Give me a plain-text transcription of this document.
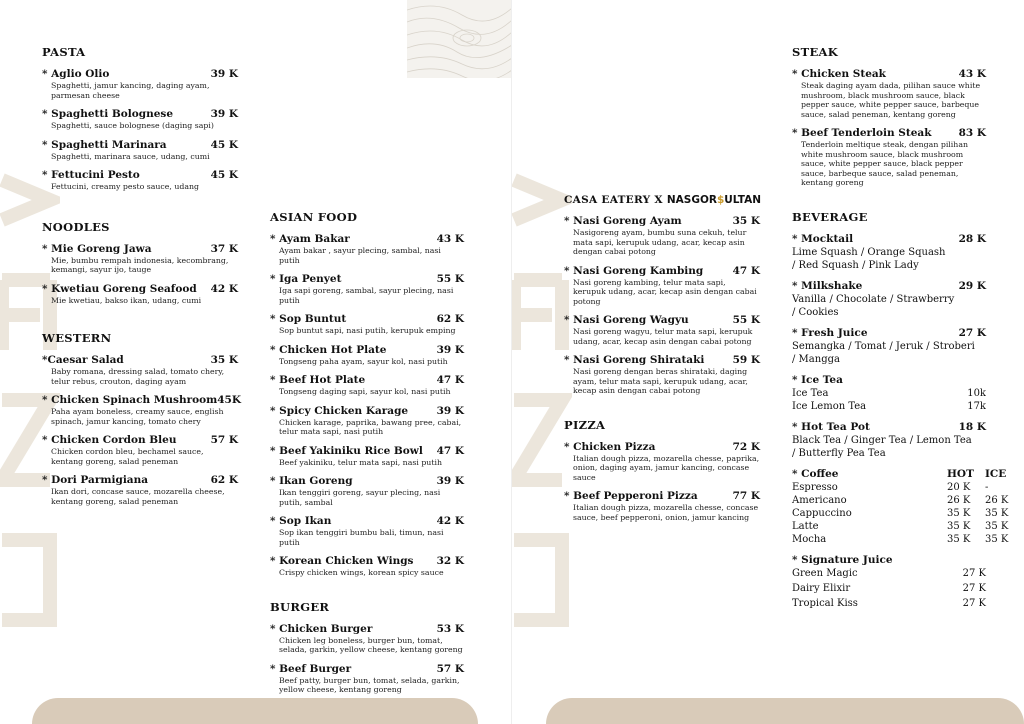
PASTA
* Aglio Olio	39 K
Spaghetti, jamur kancing, daging ayam, parmesan cheese
* Spaghetti Bolognese	39 K
Spaghetti, sauce bolognese (daging sapi)
* Spaghetti Marinara	45 K
Spaghetti, marinara sauce, udang, cumi
* Fettucini Pesto	45 K
Fettucini, creamy pesto sauce, udang
NOODLES
* Mie Goreng Jawa	37 K
Mie, bumbu rempah indonesia, kecombrang, kemangi, sayur ijo, tauge
* Kwetiau Goreng Seafood 42 K
Mie kwetiau, bakso ikan, udang, cumi
WESTERN
*Caesar Salad	35 K
Baby romana, dressing salad, tomato chery, telur rebus, crouton, daging ayam
* Chicken Spinach Mushroom 45K
Paha ayam boneless, creamy sauce, english spinach, jamur kancing, tomato chery
* Chicken Cordon Bleu	57 K
Chicken cordon bleu, bechamel sauce, kentang goreng, salad peneman
* Dori Parmigiana	62 K
Ikan dori, concase sauce, mozarella cheese, kentang goreng, salad peneman
ASIAN FOOD
* Ayam Bakar	43 K
Ayam bakar , sayur plecing, sambal, nasi putih
* Iga Penyet	55 K
Iga sapi goreng, sambal, sayur plecing, nasi putih
* Sop Buntut	62 K
Sop buntut sapi, nasi putih, kerupuk emping
* Chicken Hot Plate	39 K
Tongseng paha ayam, sayur kol, nasi putih
* Beef Hot Plate	47 K
Tongseng daging sapi, sayur kol, nasi putih
* Spicy Chicken Karage	39 K
Chicken karage, paprika, bawang pree, cabai, telur mata sapi, nasi putih
* Beef Yakiniku Rice Bowl 47 K
Beef yakiniku, telur mata sapi, nasi putih
* Ikan Goreng	39 K
Ikan tenggiri goreng, sayur plecing, nasi putih, sambal
* Sop Ikan	42 K
Sop ikan tenggiri bumbu bali, timun, nasi putih
* Korean Chicken Wings 32 K
Crispy chicken wings, korean spicy sauce
BURGER
* Chicken Burger	53 K
Chicken leg boneless, burger bun, tomat, selada, garkin, yellow cheese, kentang goreng
* Beef Burger	57 K
Beef patty, burger bun, tomat, selada, garkin, yellow cheese, kentang goreng
CASA EATERY X NASGOR$ULTAN
* Nasi Goreng Ayam	35 K
Nasigoreng ayam, bumbu suna cekuh, telur mata sapi, kerupuk udang, acar, kecap asin dengan cabai potong
* Nasi Goreng Kambing	47 K
Nasi goreng kambing, telur mata sapi, kerupuk udang, acar, kecap asin dengan cabai potong
* Nasi Goreng Wagyu	55 K
Nasi goreng wagyu, telur mata sapi, kerupuk udang, acar, kecap asin dengan cabai potong
* Nasi Goreng Shirataki	59 K
Nasi goreng dengan beras shirataki, daging ayam, telur mata sapi, kerupuk udang, acar, kecap asin dengan cabai potong
PIZZA
* Chicken Pizza	72 K
Italian dough pizza, mozarella chesse, paprika, onion, daging ayam, jamur kancing, concase sauce
* Beef Pepperoni Pizza	77 K
Italian dough pizza, mozarella chesse, concase sauce, beef pepperoni, onion, jamur kancing
STEAK
* Chicken Steak	43 K
Steak daging ayam dada, pilihan sauce white mushroom, black mushroom sauce, black pepper sauce, white pepper sauce, barbeque sauce, salad peneman, kentang goreng
* Beef Tenderloin Steak	83 K
Tenderloin meltique steak, dengan pilihan white mushroom sauce, black mushroom sauce, white pepper sauce, black pepper sauce, barbeque sauce, salad peneman, kentang goreng
BEVERAGE
* Mocktail	28 K
Lime Squash / Orange Squash
/ Red Squash / Pink Lady
* Milkshake	29 K
Vanilla / Chocolate / Strawberry
/ Cookies
* Fresh Juice	27 K
Semangka / Tomat / Jeruk / Stroberi
/ Mangga
* Ice Tea
Ice Tea	10k
Ice Lemon Tea	17k
* Hot Tea Pot	18 K
Black Tea / Ginger Tea / Lemon Tea
/ Butterfly Pea Tea
* Coffee	HOT	ICE
Espresso	20 K	-
Americano	26 K	26 K
Cappuccino	35 K	35 K
Latte	35 K	35 K
Mocha	35 K	35 K
* Signature Juice
Green Magic	27 K
Dairy Elixir	27 K
Tropical Kiss	27 K
